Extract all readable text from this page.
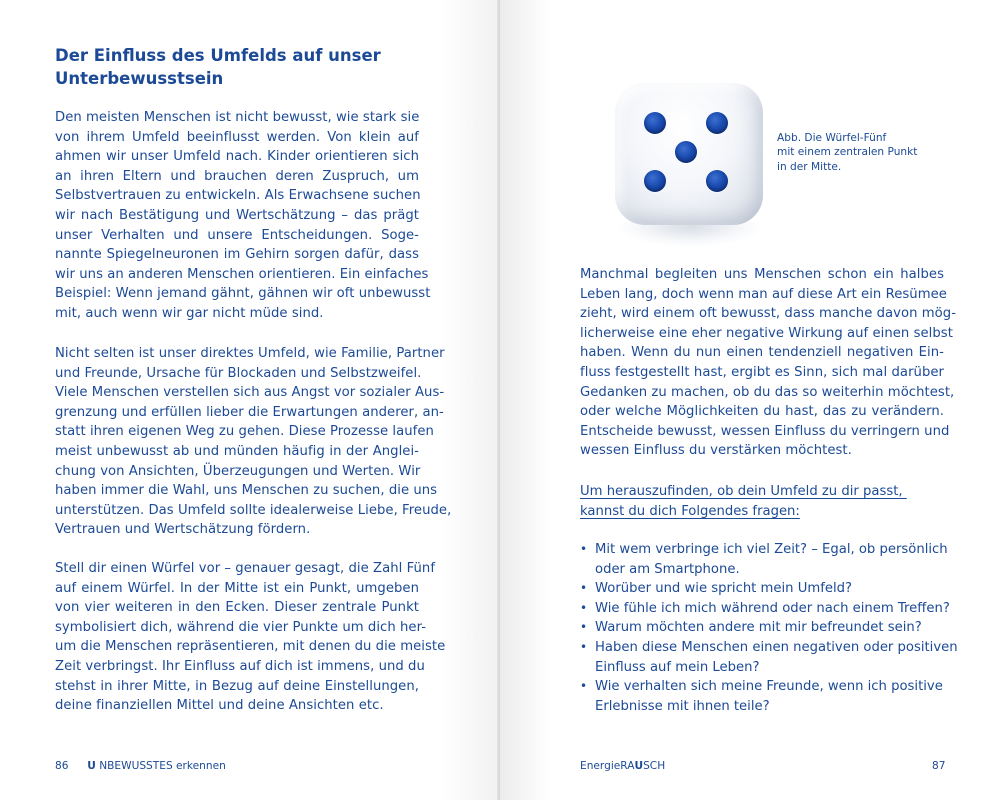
Der Einfluss des Umfelds auf unser
Unterbewusstsein
Den meisten Menschen ist nicht bewusst, wie stark sie
von ihrem Umfeld beeinflusst werden. Von klein auf
ahmen wir unser Umfeld nach. Kinder orientieren sich
an ihren Eltern und brauchen deren Zuspruch, um
Selbstvertrauen zu entwickeln. Als Erwachsene suchen
wir nach Bestätigung und Wertschätzung – das prägt
unser Verhalten und unsere Entscheidungen. Soge-
nannte Spiegelneuronen im Gehirn sorgen dafür, dass
wir uns an anderen Menschen orientieren. Ein einfaches
Beispiel: Wenn jemand gähnt, gähnen wir oft unbewusst
mit, auch wenn wir gar nicht müde sind.
Nicht selten ist unser direktes Umfeld, wie Familie, Partner
und Freunde, Ursache für Blockaden und Selbstzweifel.
Viele Menschen verstellen sich aus Angst vor sozialer Aus-
grenzung und erfüllen lieber die Erwartungen anderer, an-
statt ihren eigenen Weg zu gehen. Diese Prozesse laufen
meist unbewusst ab und münden häufig in der Anglei-
chung von Ansichten, Überzeugungen und Werten. Wir
haben immer die Wahl, uns Menschen zu suchen, die uns
unterstützen. Das Umfeld sollte idealerweise Liebe, Freude,
Vertrauen und Wertschätzung fördern.
Stell dir einen Würfel vor – genauer gesagt, die Zahl Fünf
auf einem Würfel. In der Mitte ist ein Punkt, umgeben
von vier weiteren in den Ecken. Dieser zentrale Punkt
symbolisiert dich, während die vier Punkte um dich her-
um die Menschen repräsentieren, mit denen du die meiste
Zeit verbringst. Ihr Einfluss auf dich ist immens, und du
stehst in ihrer Mitte, in Bezug auf deine Einstellungen,
deine finanziellen Mittel und deine Ansichten etc.
86 U NBEWUSSTES erkennen
Abb. Die Würfel-Fünf
mit einem zentralen Punkt
in der Mitte.
Manchmal begleiten uns Menschen schon ein halbes
Leben lang, doch wenn man auf diese Art ein Resümee
zieht, wird einem oft bewusst, dass manche davon mög-
licherweise eine eher negative Wirkung auf einen selbst
haben. Wenn du nun einen tendenziell negativen Ein-
fluss festgestellt hast, ergibt es Sinn, sich mal darüber
Gedanken zu machen, ob du das so weiterhin möchtest,
oder welche Möglichkeiten du hast, das zu verändern.
Entscheide bewusst, wessen Einfluss du verringern und
wessen Einfluss du verstärken möchtest.
Um herauszufinden, ob dein Umfeld zu dir passt,
kannst du dich Folgendes fragen:
• Mit wem verbringe ich viel Zeit? – Egal, ob persönlich
oder am Smartphone.
• Worüber und wie spricht mein Umfeld?
• Wie fühle ich mich während oder nach einem Treffen?
• Warum möchten andere mit mir befreundet sein?
• Haben diese Menschen einen negativen oder positiven
Einfluss auf mein Leben?
• Wie verhalten sich meine Freunde, wenn ich positive
Erlebnisse mit ihnen teile?
EnergieRAUSCH	87
